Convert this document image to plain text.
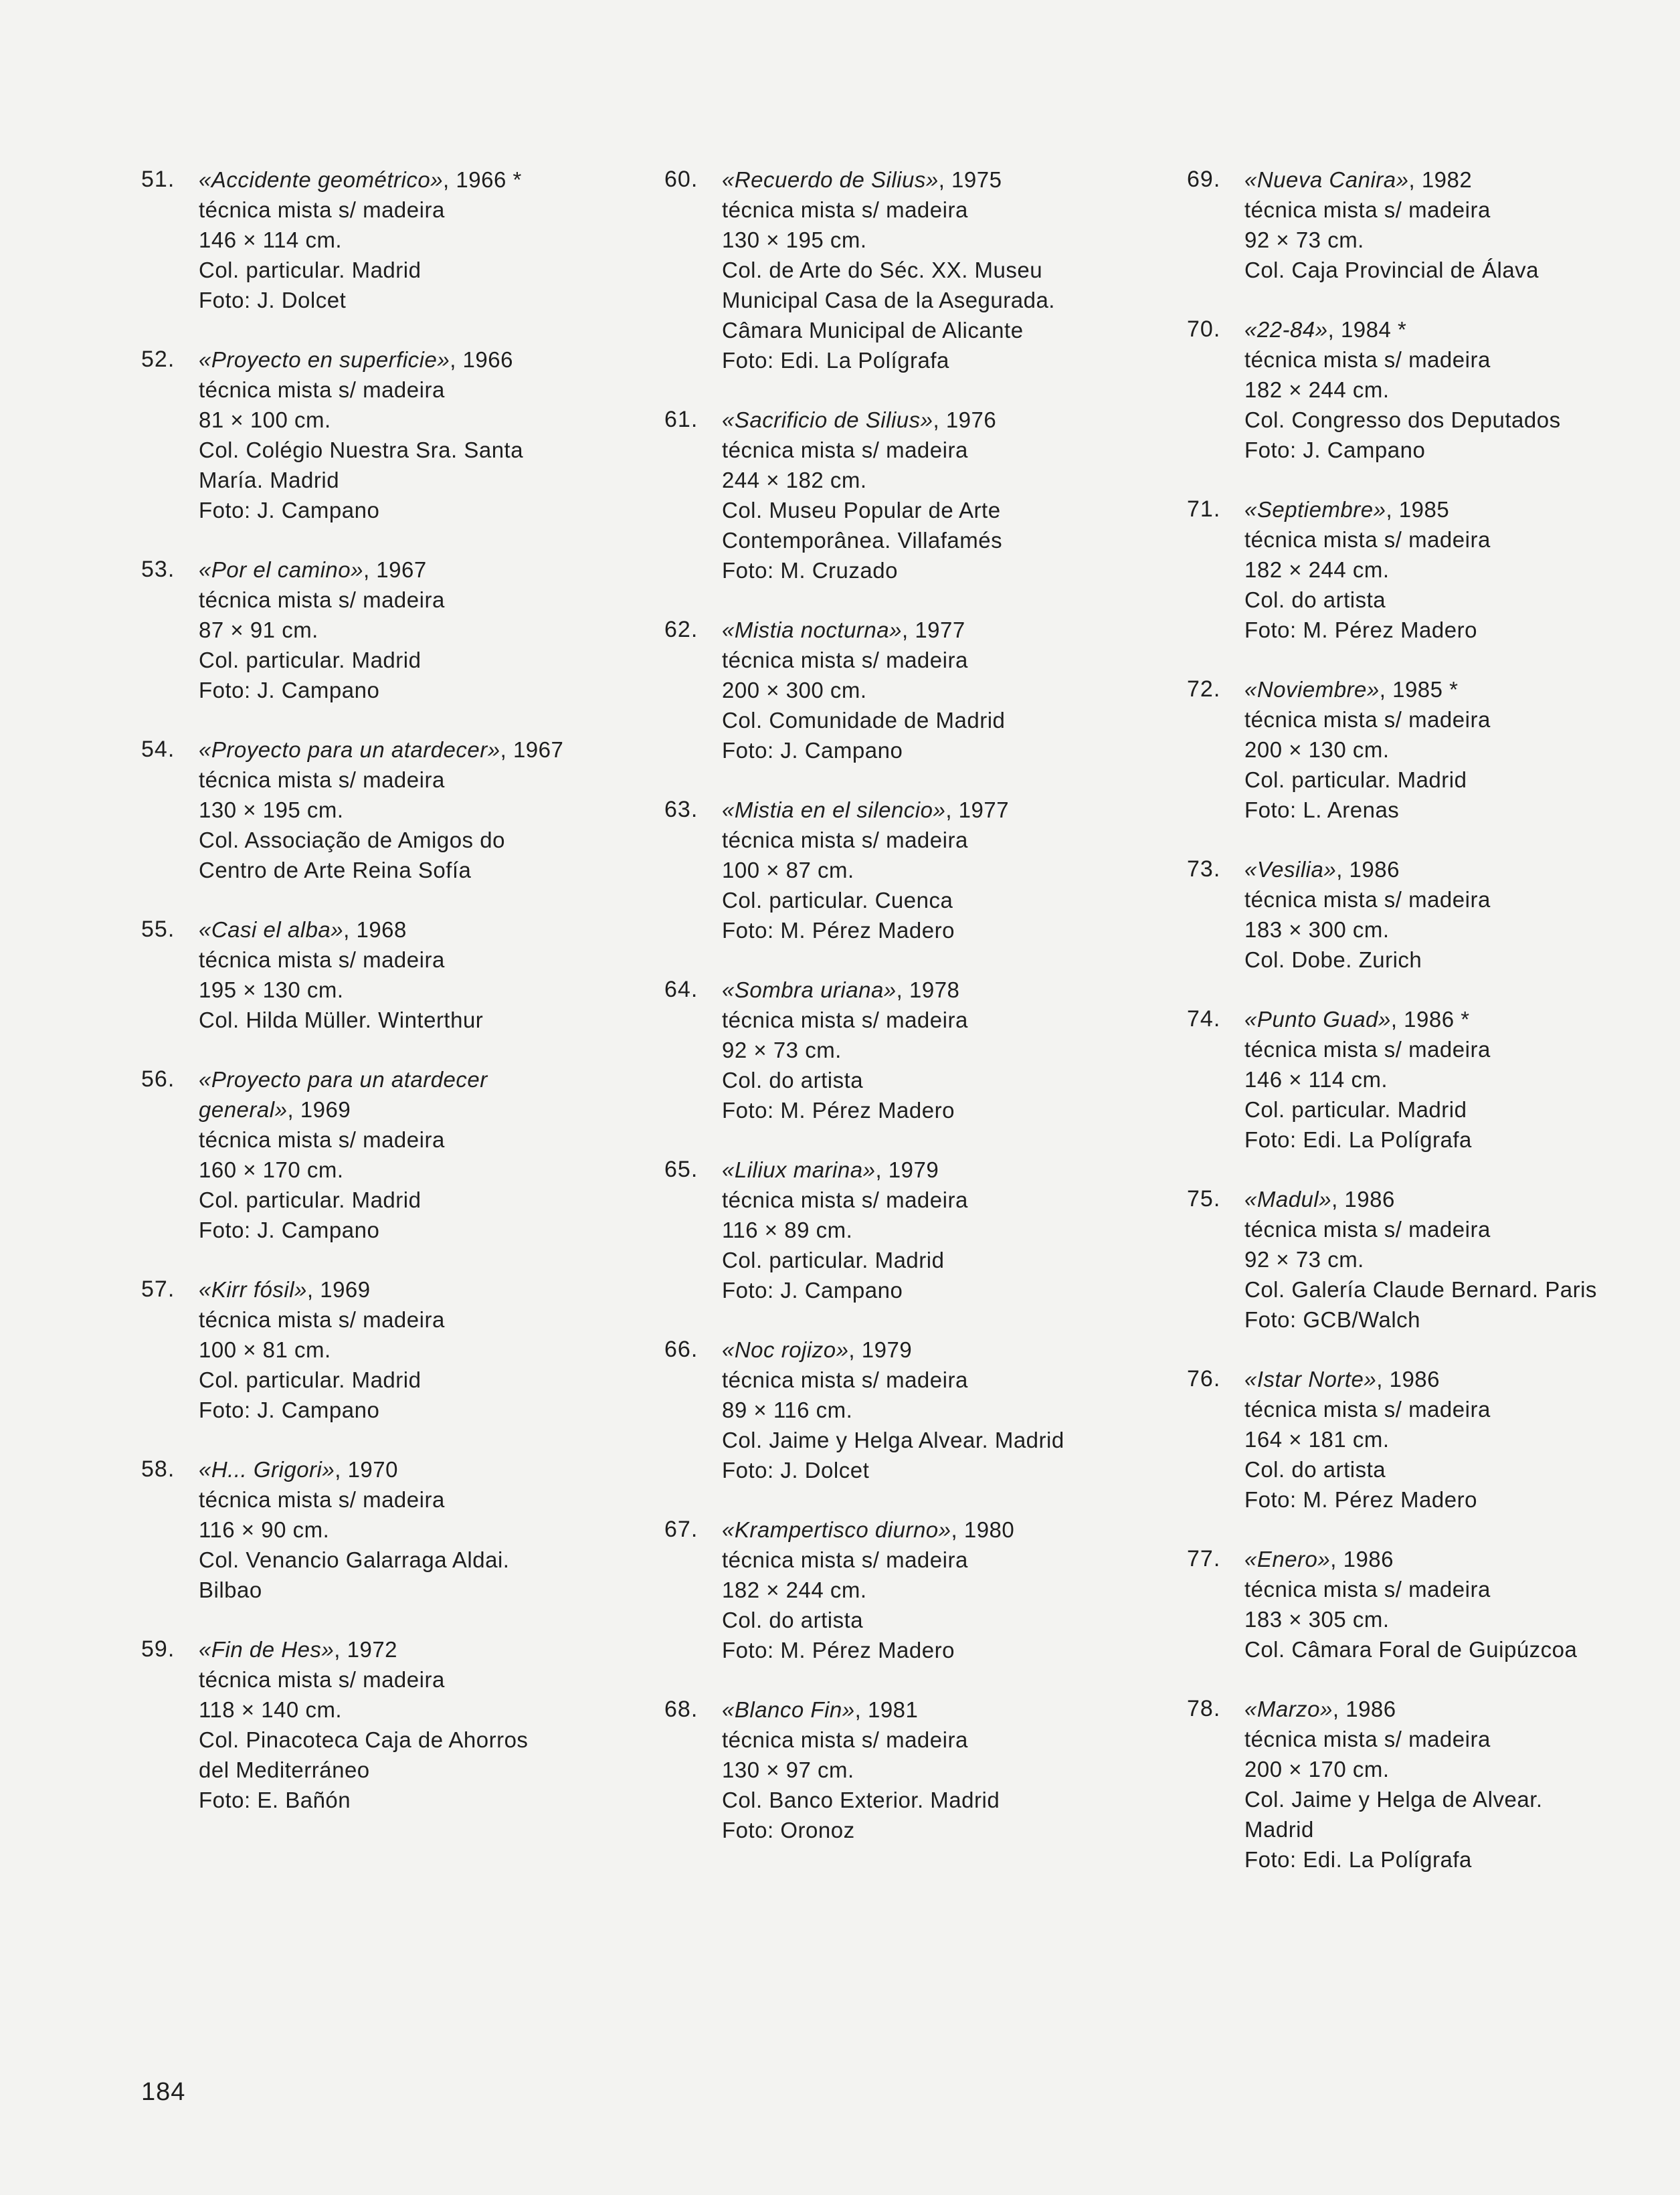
51. «Accidente geométrico», 1966 *
técnica mista s/ madeira
146 × 114 cm.
Col. particular. Madrid
Foto: J. Dolcet
52. «Proyecto en superficie», 1966
técnica mista s/ madeira
81 × 100 cm.
Col. Colégio Nuestra Sra. Santa
María. Madrid
Foto: J. Campano
53. «Por el camino», 1967
técnica mista s/ madeira
87 × 91 cm.
Col. particular. Madrid
Foto: J. Campano
54. «Proyecto para un atardecer», 1967
técnica mista s/ madeira
130 × 195 cm.
Col. Associação de Amigos do
Centro de Arte Reina Sofía
55. «Casi el alba», 1968
técnica mista s/ madeira
195 × 130 cm.
Col. Hilda Müller. Winterthur
56. «Proyecto para un atardecer
general», 1969
técnica mista s/ madeira
160 × 170 cm.
Col. particular. Madrid
Foto: J. Campano
57. «Kirr fósil», 1969
técnica mista s/ madeira
100 × 81 cm.
Col. particular. Madrid
Foto: J. Campano
58. «H... Grigori», 1970
técnica mista s/ madeira
116 × 90 cm.
Col. Venancio Galarraga Aldai.
Bilbao
59. «Fin de Hes», 1972
técnica mista s/ madeira
118 × 140 cm.
Col. Pinacoteca Caja de Ahorros
del Mediterráneo
Foto: E. Bañón
60. «Recuerdo de Silius», 1975
técnica mista s/ madeira
130 × 195 cm.
Col. de Arte do Séc. XX. Museu
Municipal Casa de la Asegurada.
Câmara Municipal de Alicante
Foto: Edi. La Polígrafa
61. «Sacrificio de Silius», 1976
técnica mista s/ madeira
244 × 182 cm.
Col. Museu Popular de Arte
Contemporânea. Villafamés
Foto: M. Cruzado
62. «Mistia nocturna», 1977
técnica mista s/ madeira
200 × 300 cm.
Col. Comunidade de Madrid
Foto: J. Campano
63. «Mistia en el silencio», 1977
técnica mista s/ madeira
100 × 87 cm.
Col. particular. Cuenca
Foto: M. Pérez Madero
64. «Sombra uriana», 1978
técnica mista s/ madeira
92 × 73 cm.
Col. do artista
Foto: M. Pérez Madero
65. «Liliux marina», 1979
técnica mista s/ madeira
116 × 89 cm.
Col. particular. Madrid
Foto: J. Campano
66. «Noc rojizo», 1979
técnica mista s/ madeira
89 × 116 cm.
Col. Jaime y Helga Alvear. Madrid
Foto: J. Dolcet
67. «Krampertisco diurno», 1980
técnica mista s/ madeira
182 × 244 cm.
Col. do artista
Foto: M. Pérez Madero
68. «Blanco Fin», 1981
técnica mista s/ madeira
130 × 97 cm.
Col. Banco Exterior. Madrid
Foto: Oronoz
69. «Nueva Canira», 1982
técnica mista s/ madeira
92 × 73 cm.
Col. Caja Provincial de Álava
70. «22-84», 1984 *
técnica mista s/ madeira
182 × 244 cm.
Col. Congresso dos Deputados
Foto: J. Campano
71. «Septiembre», 1985
técnica mista s/ madeira
182 × 244 cm.
Col. do artista
Foto: M. Pérez Madero
72. «Noviembre», 1985 *
técnica mista s/ madeira
200 × 130 cm.
Col. particular. Madrid
Foto: L. Arenas
73. «Vesilia», 1986
técnica mista s/ madeira
183 × 300 cm.
Col. Dobe. Zurich
74. «Punto Guad», 1986 *
técnica mista s/ madeira
146 × 114 cm.
Col. particular. Madrid
Foto: Edi. La Polígrafa
75. «Madul», 1986
técnica mista s/ madeira
92 × 73 cm.
Col. Galería Claude Bernard. Paris
Foto: GCB/Walch
76. «Istar Norte», 1986
técnica mista s/ madeira
164 × 181 cm.
Col. do artista
Foto: M. Pérez Madero
77. «Enero», 1986
técnica mista s/ madeira
183 × 305 cm.
Col. Câmara Foral de Guipúzcoa
78. «Marzo», 1986
técnica mista s/ madeira
200 × 170 cm.
Col. Jaime y Helga de Alvear.
Madrid
Foto: Edi. La Polígrafa
184
